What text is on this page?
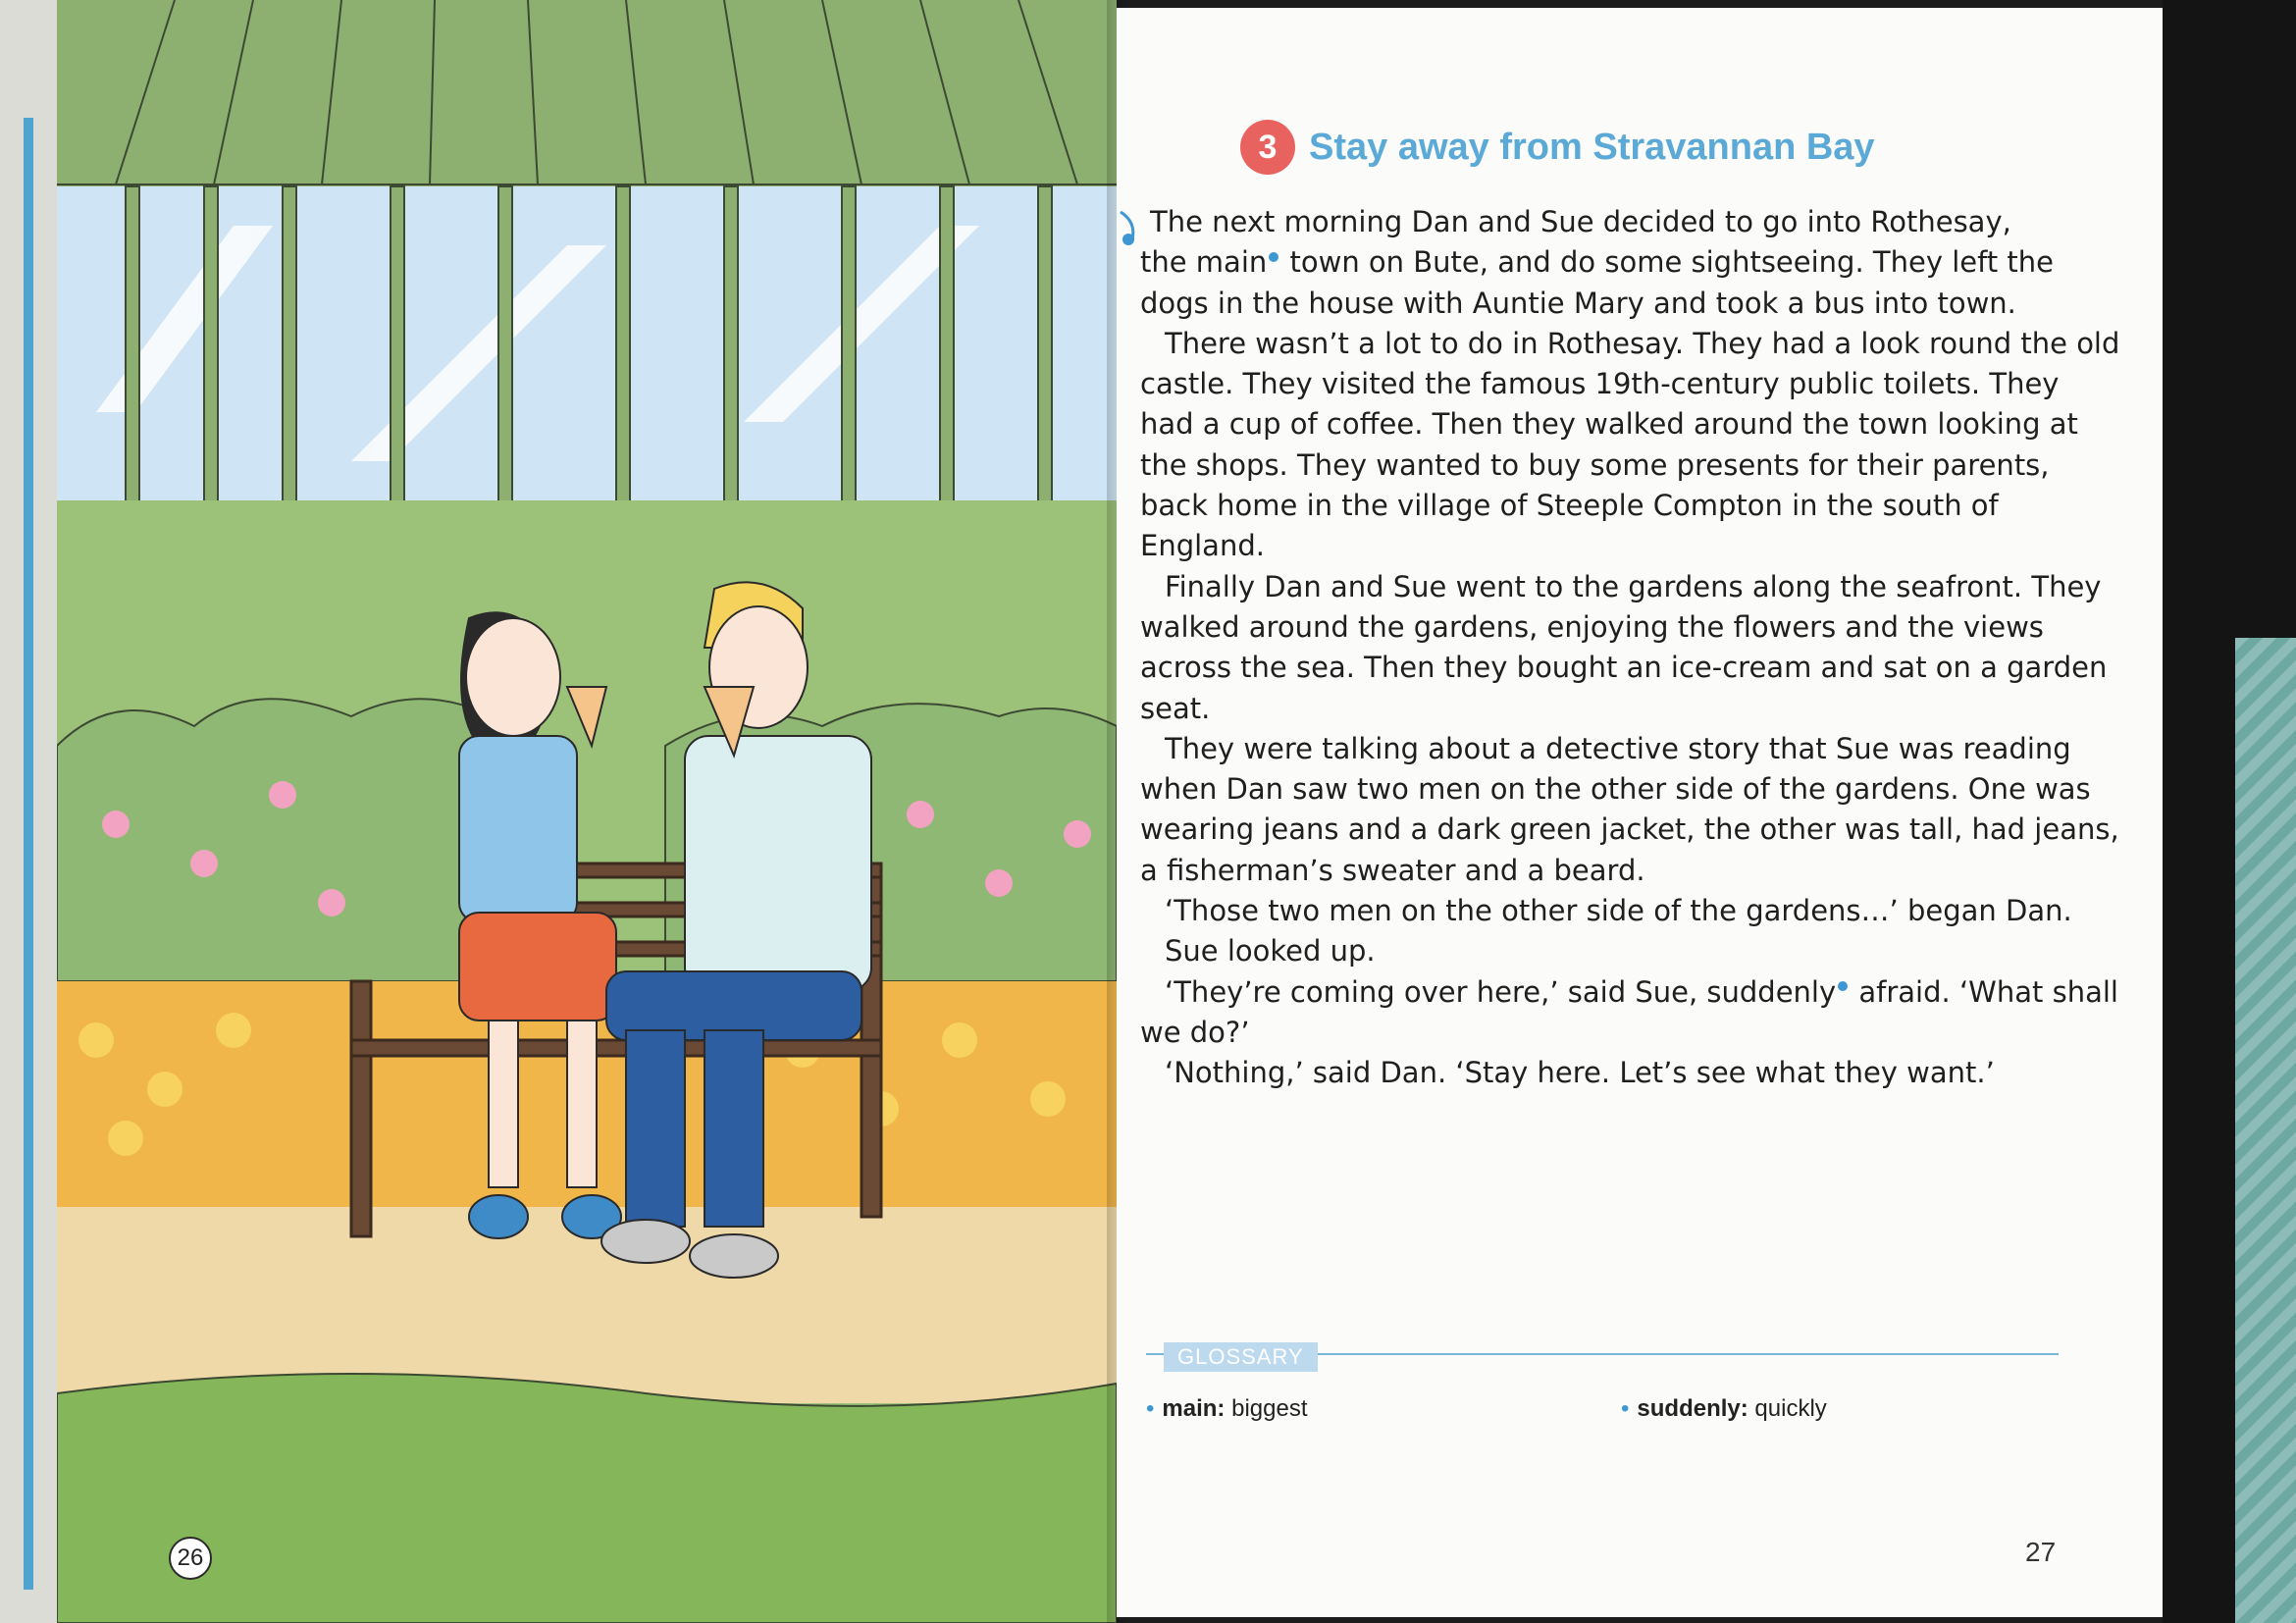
26
3 Stay away from Stravannan Bay

The next morning Dan and Sue decided to go into Rothesay,
the main town on Bute, and do some sightseeing. They left the
dogs in the house with Auntie Mary and took a bus into town.

There wasn’t a lot to do in Rothesay. They had a look round the old castle. They visited the famous 19th-century public toilets. They had a cup of coffee. Then they walked around the town looking at the shops. They wanted to buy some presents for their parents, back home in the village of Steeple Compton in the south of England.

Finally Dan and Sue went to the gardens along the seafront. They walked around the gardens, enjoying the flowers and the views across the sea. Then they bought an ice-cream and sat on a garden seat.

They were talking about a detective story that Sue was reading when Dan saw two men on the other side of the gardens. One was wearing jeans and a dark green jacket, the other was tall, had jeans, a fisherman’s sweater and a beard.

‘Those two men on the other side of the gardens…’ began Dan.

Sue looked up.

‘They’re coming over here,’ said Sue, suddenly afraid. ‘What shall we do?’

‘Nothing,’ said Dan. ‘Stay here. Let’s see what they want.’

GLOSSARY
• main: biggest	• suddenly: quickly
27
